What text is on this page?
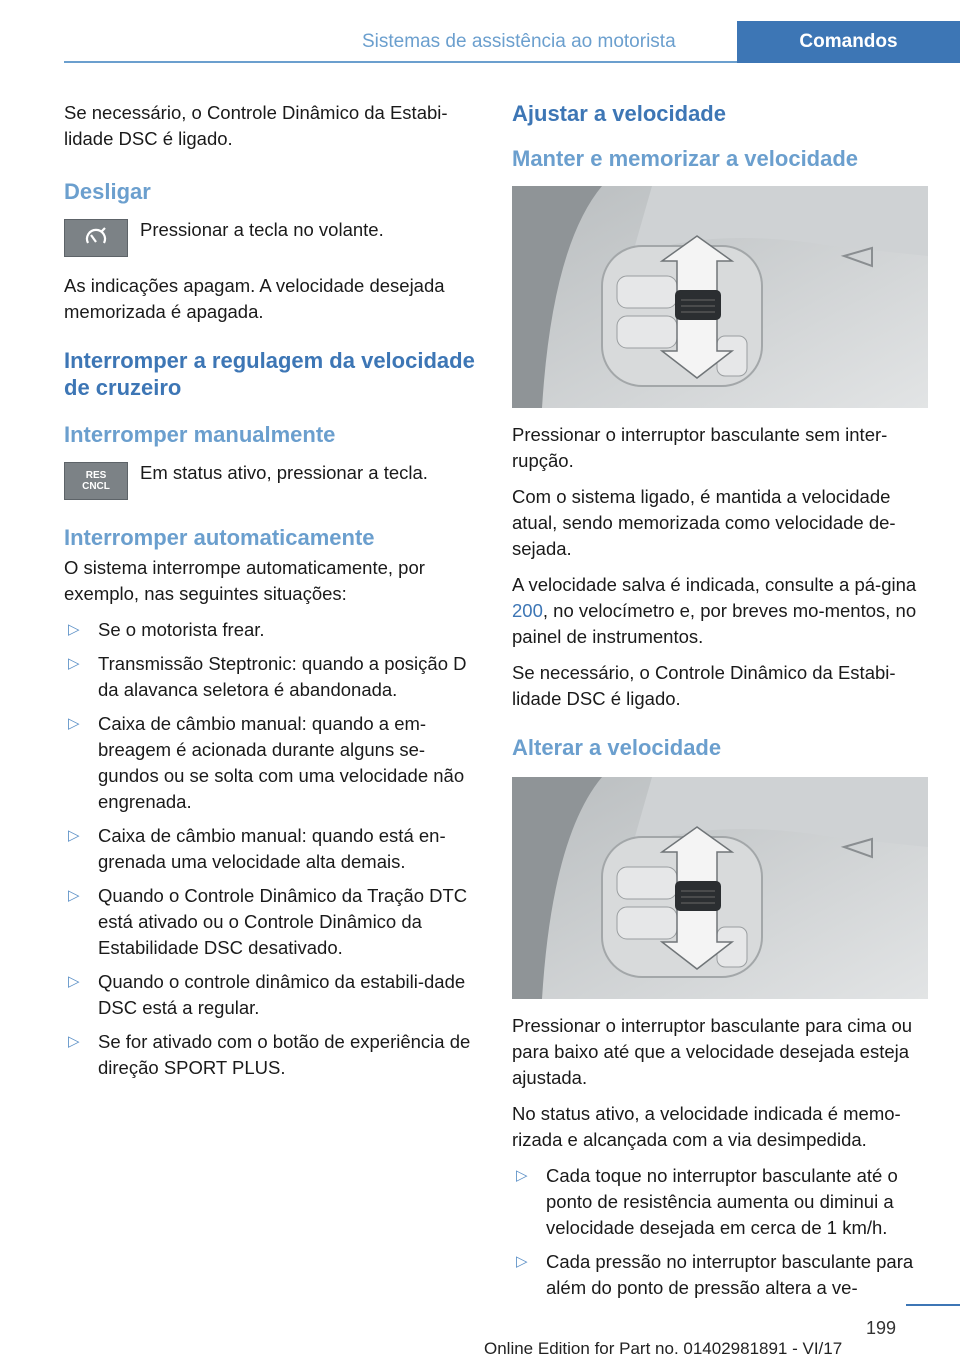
Sistemas de assistência ao motorista	Comandos

Se necessário, o Controle Dinâmico da Estabi-lidade DSC é ligado.

Desligar
Pressionar a tecla no volante.

As indicações apagam. A velocidade desejada memorizada é apagada.

Interromper a regulagem da velocidade de cruzeiro
Interromper manualmente
RES
CNCL
Em status ativo, pressionar a tecla.
Interromper automaticamente

O sistema interrompe automaticamente, por exemplo, nas seguintes situações:

▷ Se o motorista frear.
▷ Transmissão Steptronic: quando a posição D da alavanca seletora é abandonada.
▷ Caixa de câmbio manual: quando a em-breagem é acionada durante alguns se-gundos ou se solta com uma velocidade não engrenada.
▷ Caixa de câmbio manual: quando está en-grenada uma velocidade alta demais.
▷ Quando o Controle Dinâmico da Tração DTC está ativado ou o Controle Dinâmico da Estabilidade DSC desativado.
▷ Quando o controle dinâmico da estabili-dade DSC está a regular.
▷ Se for ativado com o botão de experiência de direção SPORT PLUS.
Ajustar a velocidade
Manter e memorizar a velocidade

Pressionar o interruptor basculante sem inter-rupção.

Com o sistema ligado, é mantida a velocidade atual, sendo memorizada como velocidade de-sejada.

A velocidade salva é indicada, consulte a pá-gina 200, no velocímetro e, por breves mo-mentos, no painel de instrumentos.

Se necessário, o Controle Dinâmico da Estabi-lidade DSC é ligado.

Alterar a velocidade

Pressionar o interruptor basculante para cima ou para baixo até que a velocidade desejada esteja ajustada.

No status ativo, a velocidade indicada é memo-rizada e alcançada com a via desimpedida.

▷ Cada toque no interruptor basculante até o ponto de resistência aumenta ou diminui a velocidade desejada em cerca de 1 km/h.
▷ Cada pressão no interruptor basculante para além do ponto de pressão altera a ve-
199
Online Edition for Part no. 01402981891 - VI/17
